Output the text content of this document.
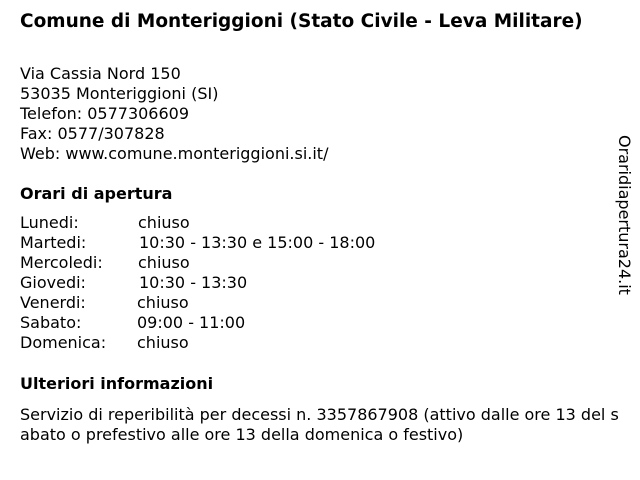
Comune di Monteriggioni (Stato Civile - Leva Militare)
Via Cassia Nord 150
53035 Monteriggioni (SI)
Telefon: 0577306609
Fax: 0577/307828
Web: www.comune.monteriggioni.si.it/
Orari di apertura
Lunedi:	chiuso
Martedi:	10:30 - 13:30 e 15:00 - 18:00
Mercoledi: chiuso
Giovedi:	10:30 - 13:30
Venerdi:	chiuso
Sabato:	09:00 - 11:00
Domenica: chiuso
Ulteriori informazioni
Servizio di reperibilità per decessi n. 3357867908 (attivo dalle ore 13 del sabato o prefestivo alle ore 13 della domenica o festivo)
Oraridiapertura24.it
